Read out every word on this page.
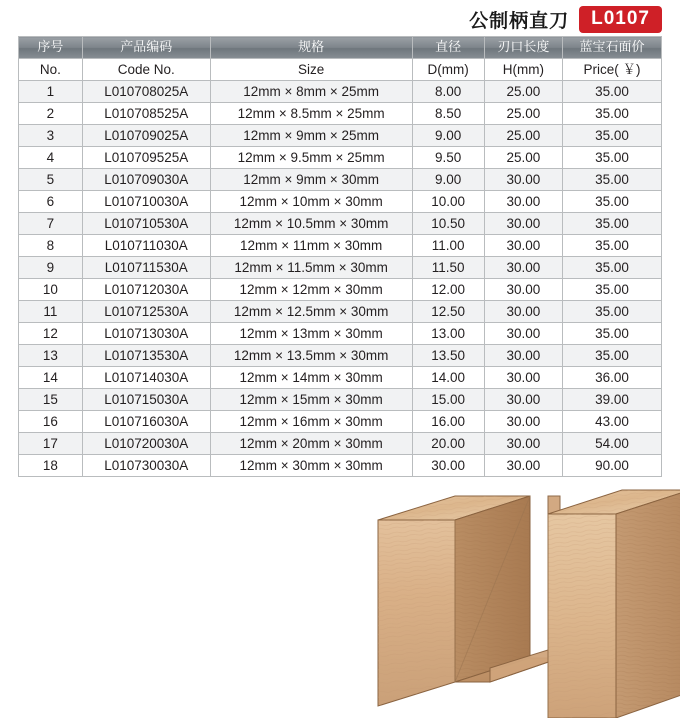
公制柄直刀	L0107
序号	产品编码	规格	直径	刃口长度	蓝宝石面价
No.	Code No.	Size	D(mm)	H(mm)	Price( ￥)
1	L010708025A	12mm × 8mm × 25mm	8.00	25.00	35.00
2	L010708525A	12mm × 8.5mm × 25mm	8.50	25.00	35.00
3	L010709025A	12mm × 9mm × 25mm	9.00	25.00	35.00
4	L010709525A	12mm × 9.5mm × 25mm	9.50	25.00	35.00
5	L010709030A	12mm × 9mm × 30mm	9.00	30.00	35.00
6	L010710030A	12mm × 10mm × 30mm	10.00	30.00	35.00
7	L010710530A	12mm × 10.5mm × 30mm	10.50	30.00	35.00
8	L010711030A	12mm × 11mm × 30mm	11.00	30.00	35.00
9	L010711530A	12mm × 11.5mm × 30mm	11.50	30.00	35.00
10	L010712030A	12mm × 12mm × 30mm	12.00	30.00	35.00
11	L010712530A	12mm × 12.5mm × 30mm	12.50	30.00	35.00
12	L010713030A	12mm × 13mm × 30mm	13.00	30.00	35.00
13	L010713530A	12mm × 13.5mm × 30mm	13.50	30.00	35.00
14	L010714030A	12mm × 14mm × 30mm	14.00	30.00	36.00
15	L010715030A	12mm × 15mm × 30mm	15.00	30.00	39.00
16	L010716030A	12mm × 16mm × 30mm	16.00	30.00	43.00
17	L010720030A	12mm × 20mm × 30mm	20.00	30.00	54.00
18	L010730030A	12mm × 30mm × 30mm	30.00	30.00	90.00
